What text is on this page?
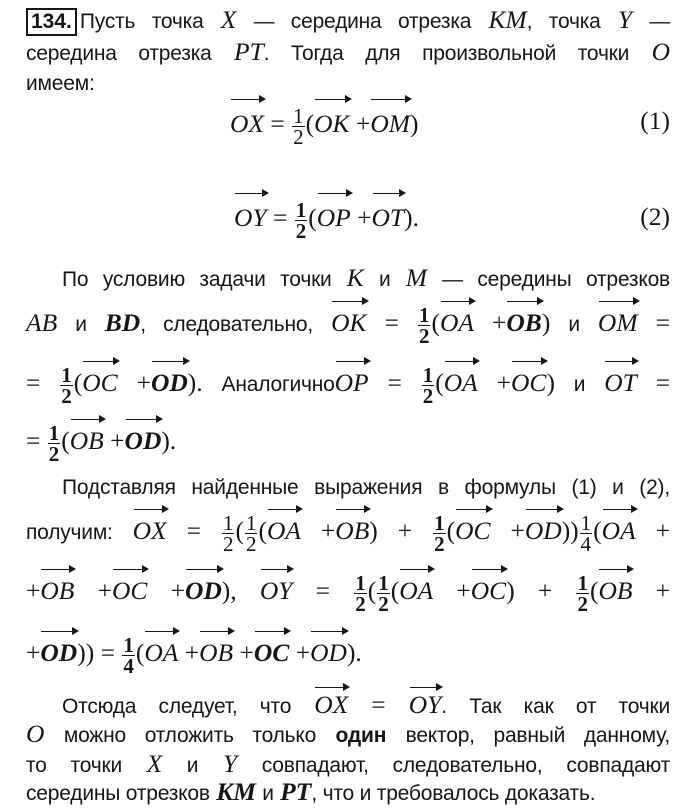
134. Пусть точка X — середина отрезка KM, точка Y —
середина отрезка PT. Тогда для произвольной точки O
имеем:
OX = $\frac{1}{2} (OK +OM)$	(1)
OY = $\frac{1}{2} (OP +OT)$.	(2)
По условию задачи точки K и M — середины отрезков
AB и BD, следовательно, OK = $\frac{1}{2} (OA +OB)$ и OM =
= $\frac{1}{2} (OC +OD)$. АналогичноOP = $\frac{1}{2} (OA +OC)$ и OT =
= $\frac{1}{2} (OB +OD)$.
Подставляя найденные выражения в формулы (1) и (2),
получим: OX = $\frac{1}{2}$ ( $\frac{1}{2} (OA +OB) + \frac{1}{2} (OC +OD)) \frac{1}{4} (OA$ +
+OB +OC +OD), OY = $\frac{1}{2}$ ( $\frac{1}{2} (OA +OC) + \frac{1}{2} (OB$ +
$+OD)) = \frac{1}{4} (OA +OB +OC +OD)$.
Отсюда следует, что OX = OY. Так как от точки
O можно отложить только один вектор, равный данному,
то точки X и Y совпадают, следовательно, совпадают
середины отрезков KM и PT, что и требовалось доказать.
